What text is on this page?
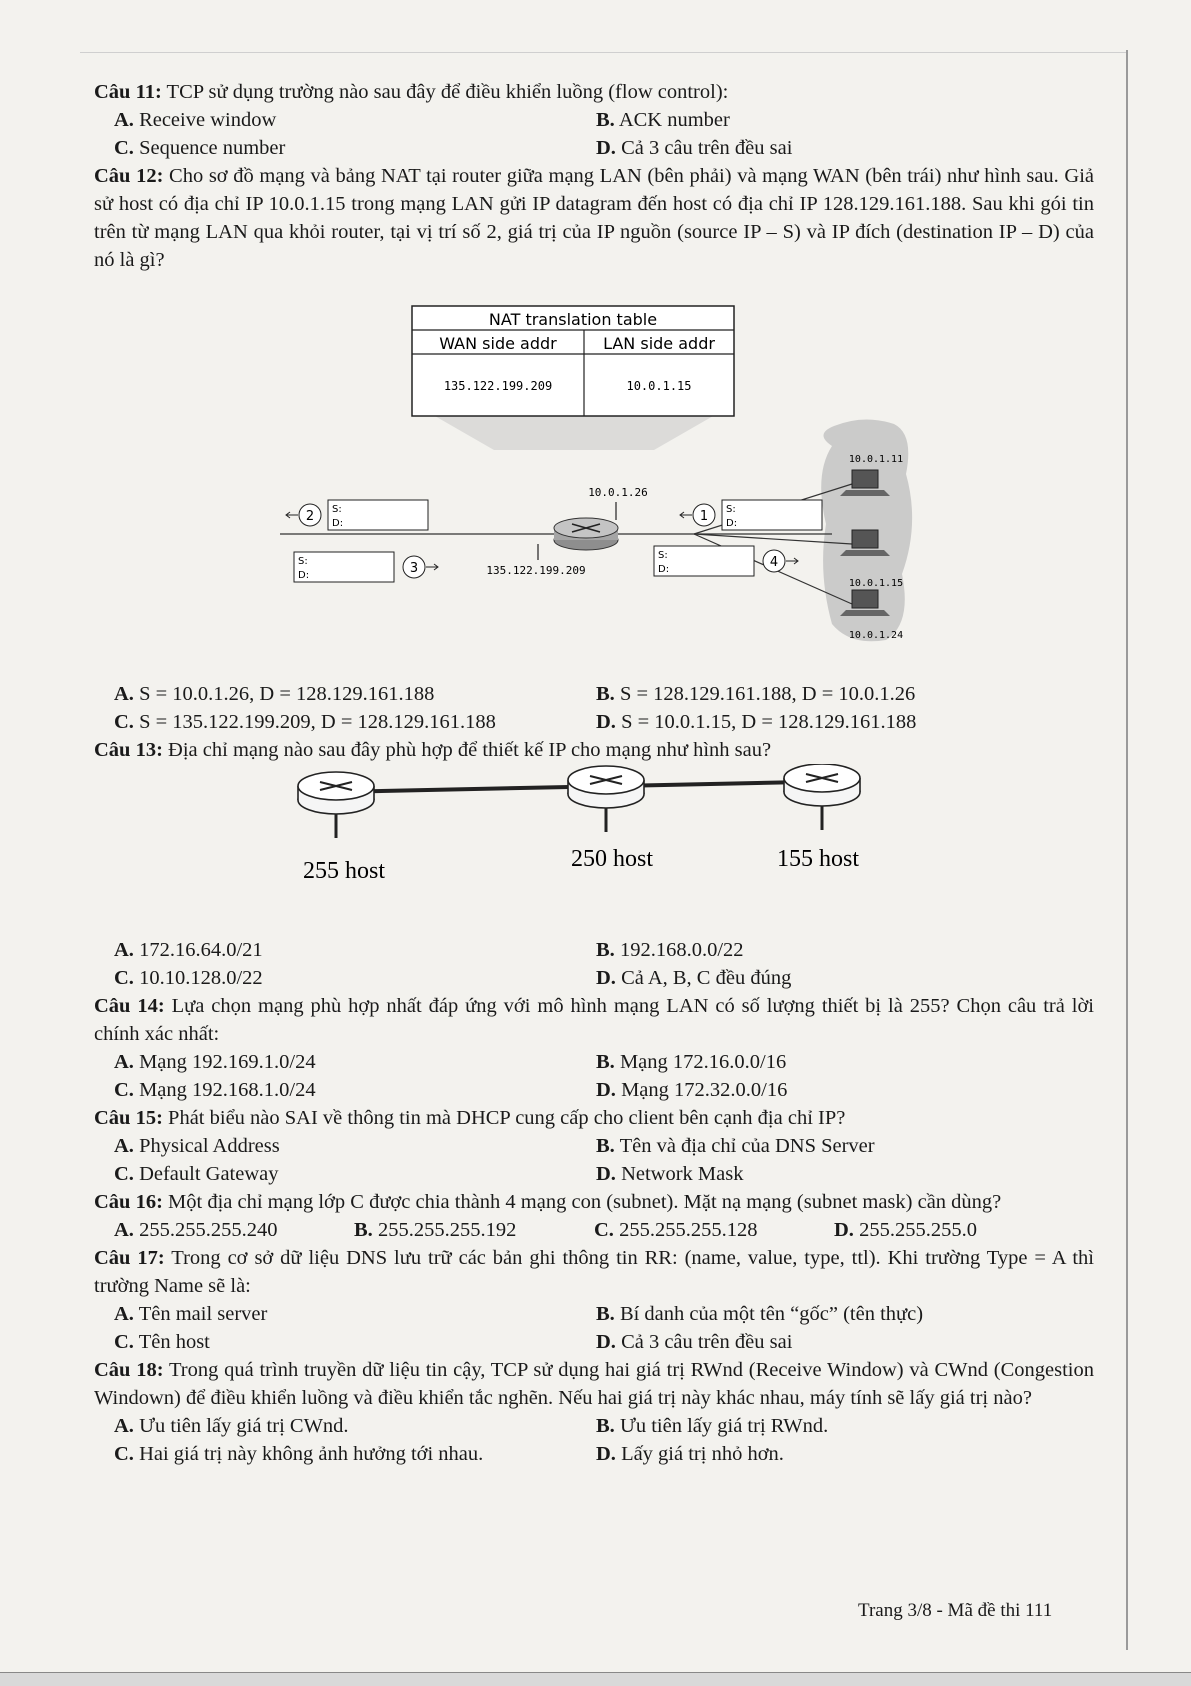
Câu 11: TCP sử dụng trường nào sau đây để điều khiển luồng (flow control):

A. Receive window	B. ACK number
C. Sequence number	D. Cả 3 câu trên đều sai

Câu 12: Cho sơ đồ mạng và bảng NAT tại router giữa mạng LAN (bên phải) và mạng WAN (bên trái) như hình sau. Giả sử host có địa chỉ IP 10.0.1.15 trong mạng LAN gửi IP datagram đến host có địa chỉ IP 128.129.161.188. Sau khi gói tin trên từ mạng LAN qua khỏi router, tại vị trí số 2, giá trị của IP nguồn (source IP – S) và IP đích (destination IP – D) của nó là gì?

NAT translation table
WAN side addr	LAN side addr
135.122.199.209	10.0.1.15
10.0.1.26
135.122.199.209
10.0.1.11
10.0.1.15
10.0.1.24
S:
D:
2
S:
D:	3
S:
D:
1
S:
D:	4
A. S = 10.0.1.26, D = 128.129.161.188	B. S = 128.129.161.188, D = 10.0.1.26
C. S = 135.122.199.209, D = 128.129.161.188	D. S = 10.0.1.15, D = 128.129.161.188

Câu 13: Địa chỉ mạng nào sau đây phù hợp để thiết kế IP cho mạng như hình sau?

255 host	250 host	155 host
A. 172.16.64.0/21	B. 192.168.0.0/22
C. 10.10.128.0/22	D. Cả A, B, C đều đúng

Câu 14: Lựa chọn mạng phù hợp nhất đáp ứng với mô hình mạng LAN có số lượng thiết bị là 255? Chọn câu trả lời chính xác nhất:

A. Mạng 192.169.1.0/24	B. Mạng 172.16.0.0/16
C. Mạng 192.168.1.0/24	D. Mạng 172.32.0.0/16

Câu 15: Phát biểu nào SAI về thông tin mà DHCP cung cấp cho client bên cạnh địa chỉ IP?

A. Physical Address	B. Tên và địa chỉ của DNS Server
C. Default Gateway	D. Network Mask

Câu 16: Một địa chỉ mạng lớp C được chia thành 4 mạng con (subnet). Mặt nạ mạng (subnet mask) cần dùng?

A. 255.255.255.240	B. 255.255.255.192	C. 255.255.255.128	D. 255.255.255.0

Câu 17: Trong cơ sở dữ liệu DNS lưu trữ các bản ghi thông tin RR: (name, value, type, ttl). Khi trường Type = A thì trường Name sẽ là:

A. Tên mail server	B. Bí danh của một tên “gốc” (tên thực)
C. Tên host	D. Cả 3 câu trên đều sai

Câu 18: Trong quá trình truyền dữ liệu tin cậy, TCP sử dụng hai giá trị RWnd (Receive Window) và CWnd (Congestion Windown) để điều khiển luồng và điều khiển tắc nghẽn. Nếu hai giá trị này khác nhau, máy tính sẽ lấy giá trị nào?

A. Ưu tiên lấy giá trị CWnd.	B. Ưu tiên lấy giá trị RWnd.
C. Hai giá trị này không ảnh hưởng tới nhau.	D. Lấy giá trị nhỏ hơn.
Trang 3/8 - Mã đề thi 111
